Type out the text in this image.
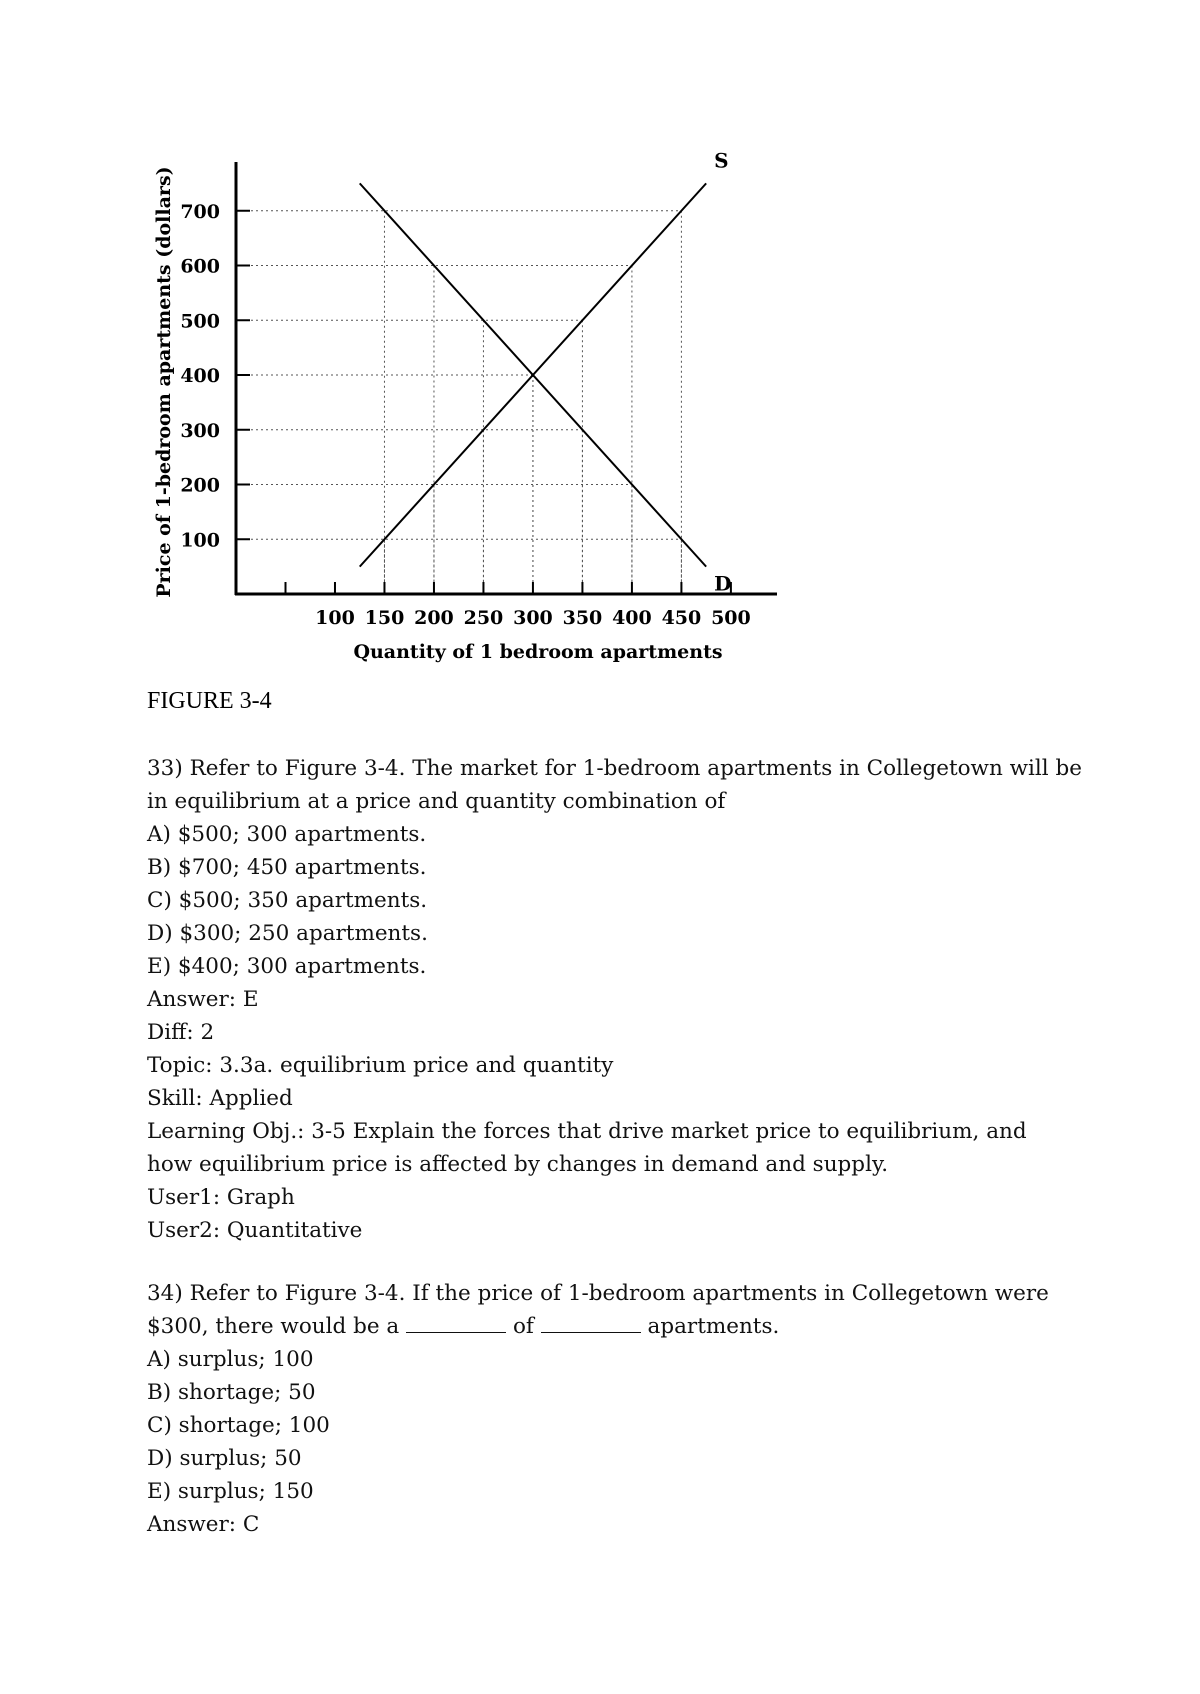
100
200
300
400
500
600
700
100 150 200 250 300 350 400 450 500
S
D
Price of 1-bedroom apartments (dollars)
Quantity of 1 bedroom apartments
FIGURE 3-4

33) Refer to Figure 3-4. The market for 1-bedroom apartments in Collegetown will be

in equilibrium at a price and quantity combination of

A) $500; 300 apartments.

B) $700; 450 apartments.

C) $500; 350 apartments.

D) $300; 250 apartments.

E) $400; 300 apartments.

Answer: E

Diff: 2

Topic: 3.3a. equilibrium price and quantity

Skill: Applied

Learning Obj.: 3-5 Explain the forces that drive market price to equilibrium, and

how equilibrium price is affected by changes in demand and supply.

User1: Graph

User2: Quantitative

34) Refer to Figure 3-4. If the price of 1-bedroom apartments in Collegetown were

$300, there would be a	of	apartments.

A) surplus; 100

B) shortage; 50

C) shortage; 100

D) surplus; 50

E) surplus; 150

Answer: C
